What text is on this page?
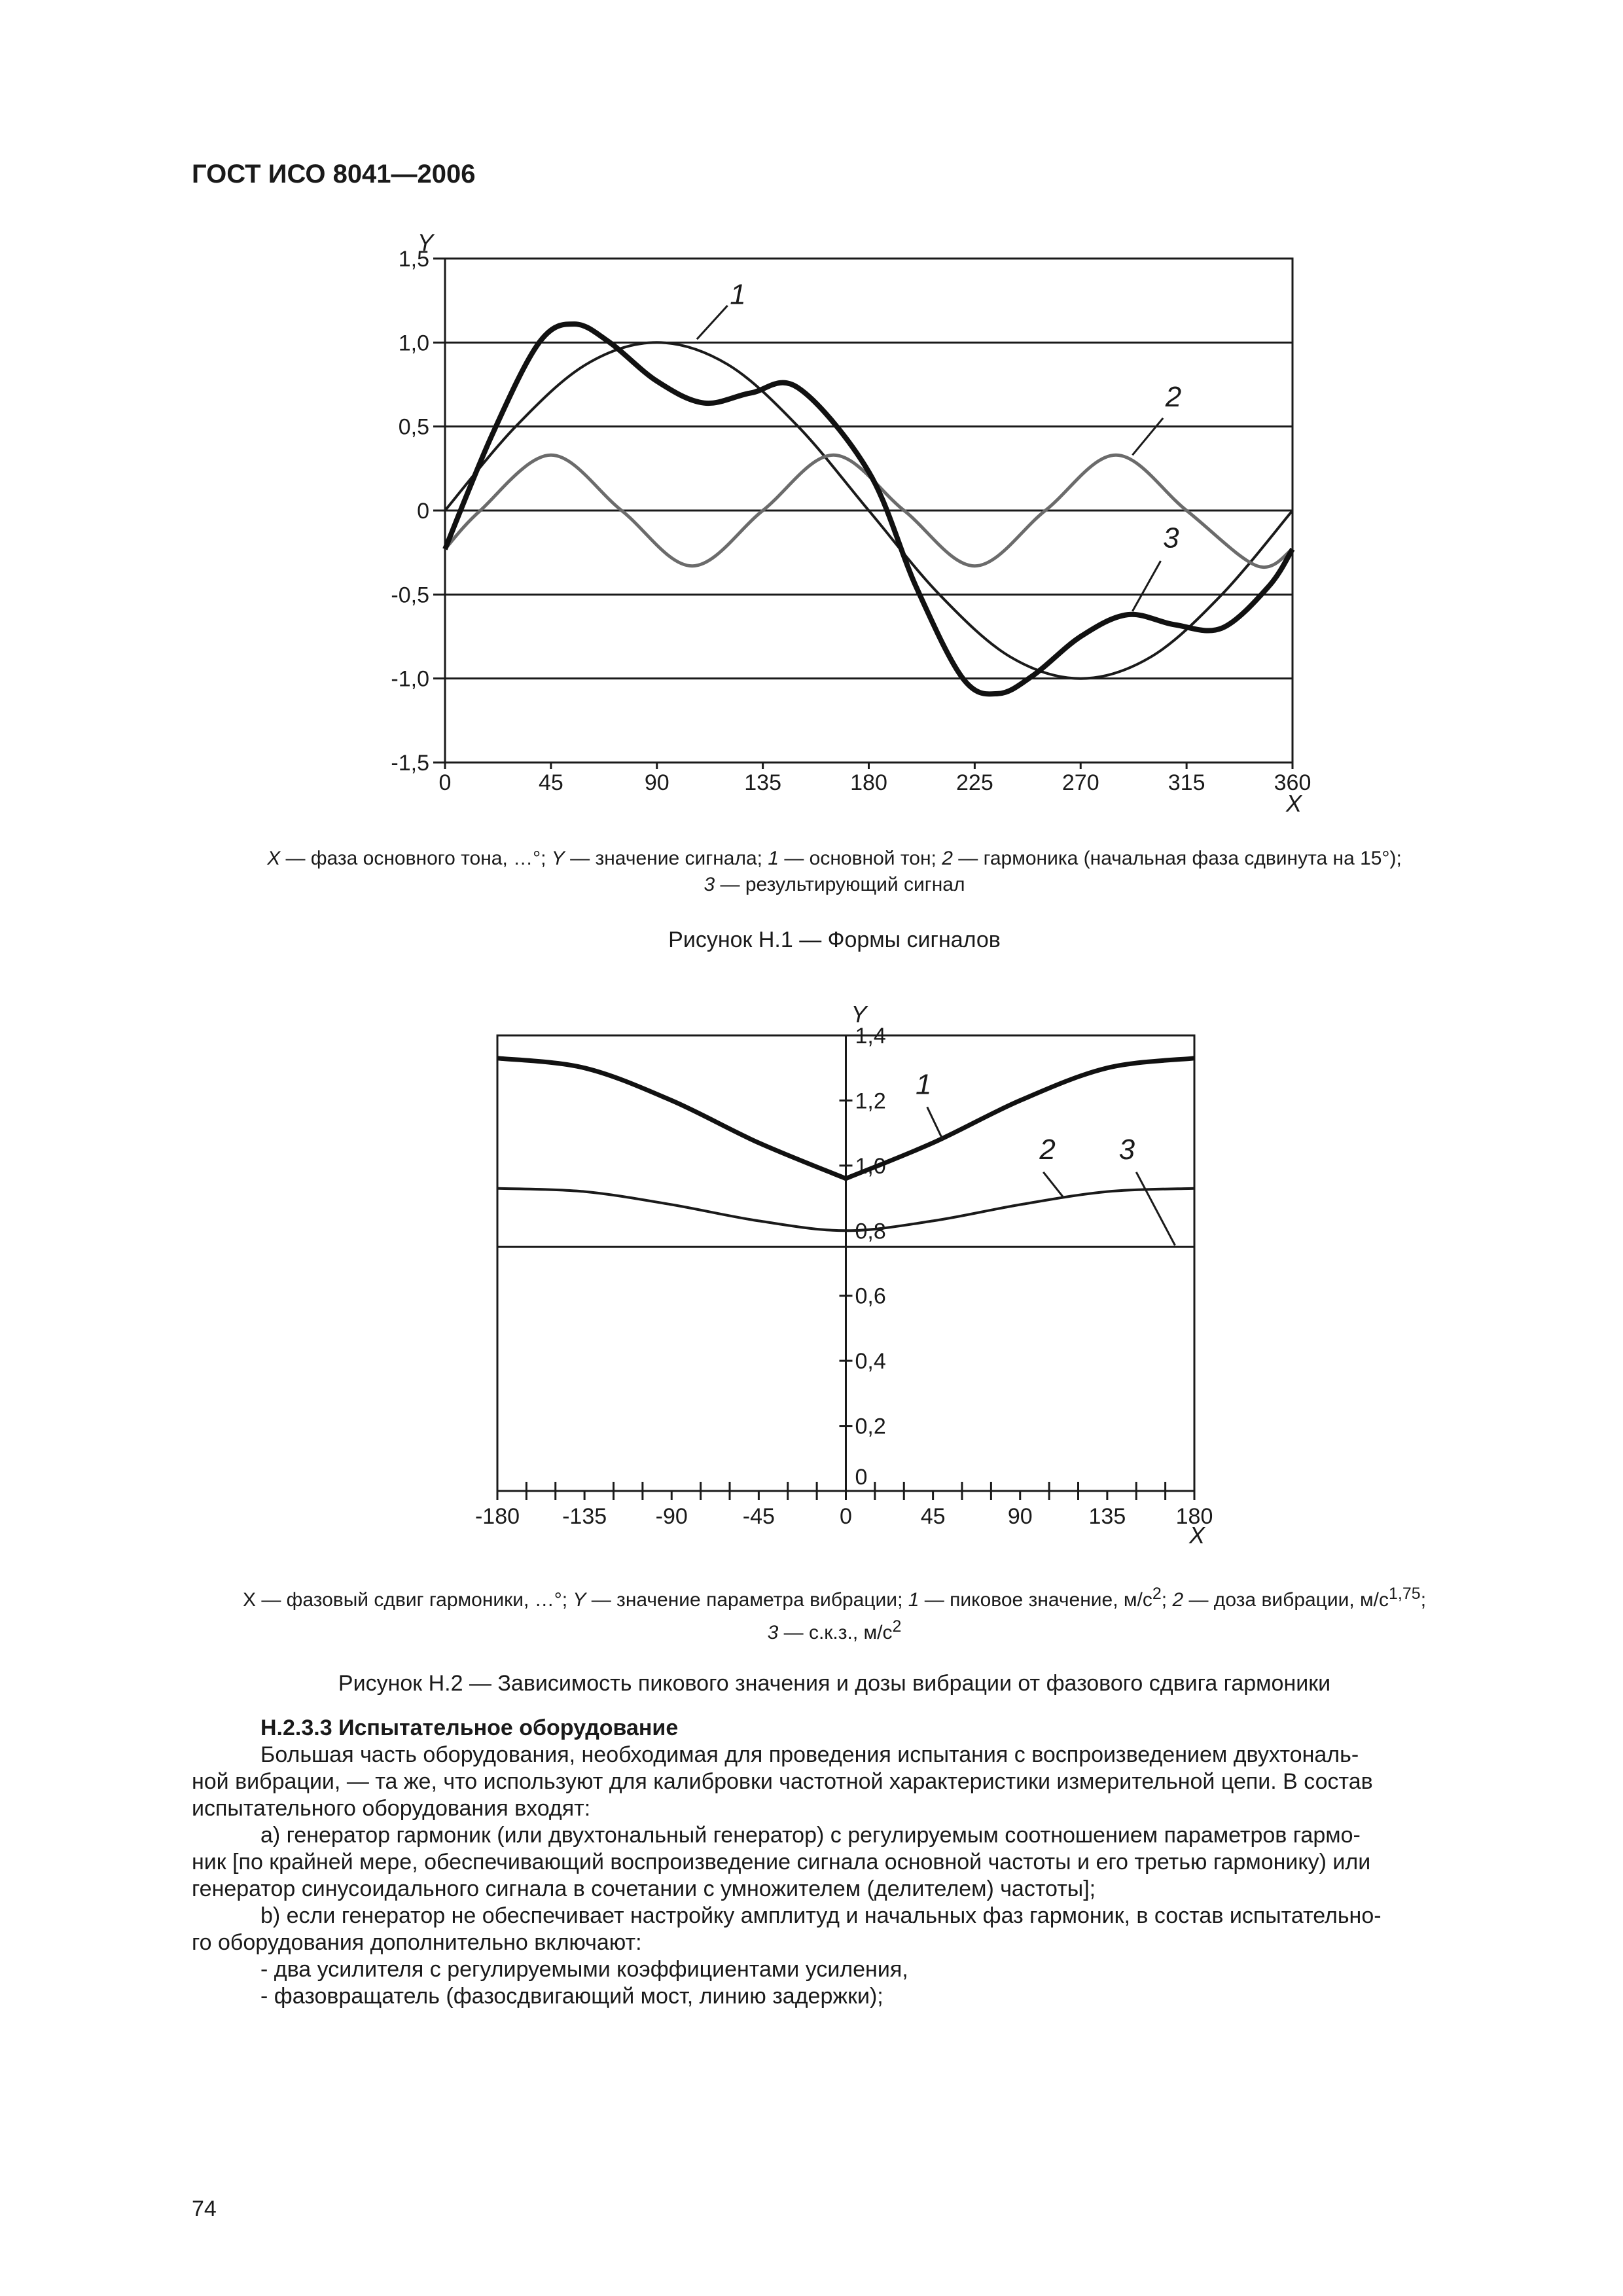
ГОСТ ИСО 8041—2006
1,5
1,0
0,5
0
-0,5
-1,0
-1,5
0	45	90	135	180	225	270	315	360
Y
X
1
2
3
X — фаза основного тона, …°; Y — значение сигнала; 1 — основной тон; 2 — гармоника (начальная фаза сдвинута на 15°);
3 — результирующий сигнал
Рисунок Н.1 — Формы сигналов
1,4
1,2
1,0
0,8
0,6
0,4
0,2
0
-180 -135 -90 -45	0	45	90	135 180
Y
X
1
2 3
X — фазовый сдвиг гармоники, …°; Y — значение параметра вибрации; 1 — пиковое значение, $м/с^2$; 2 — доза вибрации, $м/с^{1,75}$;
3 — с.к.з., $м/с^2$
Рисунок Н.2 — Зависимость пикового значения и дозы вибрации от фазового сдвига гармоники

Н.2.3.3 Испытательное оборудование

Большая часть оборудования, необходимая для проведения испытания с воспроизведением двухтональ-

ной вибрации, — та же, что используют для калибровки частотной характеристики измерительной цепи. В состав

испытательного оборудования входят:

a) генератор гармоник (или двухтональный генератор) с регулируемым соотношением параметров гармо-

ник [по крайней мере, обеспечивающий воспроизведение сигнала основной частоты и его третью гармонику) или

генератор синусоидального сигнала в сочетании с умножителем (делителем) частоты];

b) если генератор не обеспечивает настройку амплитуд и начальных фаз гармоник, в состав испытательно-

го оборудования дополнительно включают:

- два усилителя с регулируемыми коэффициентами усиления,

- фазовращатель (фазосдвигающий мост, линию задержки);

74
